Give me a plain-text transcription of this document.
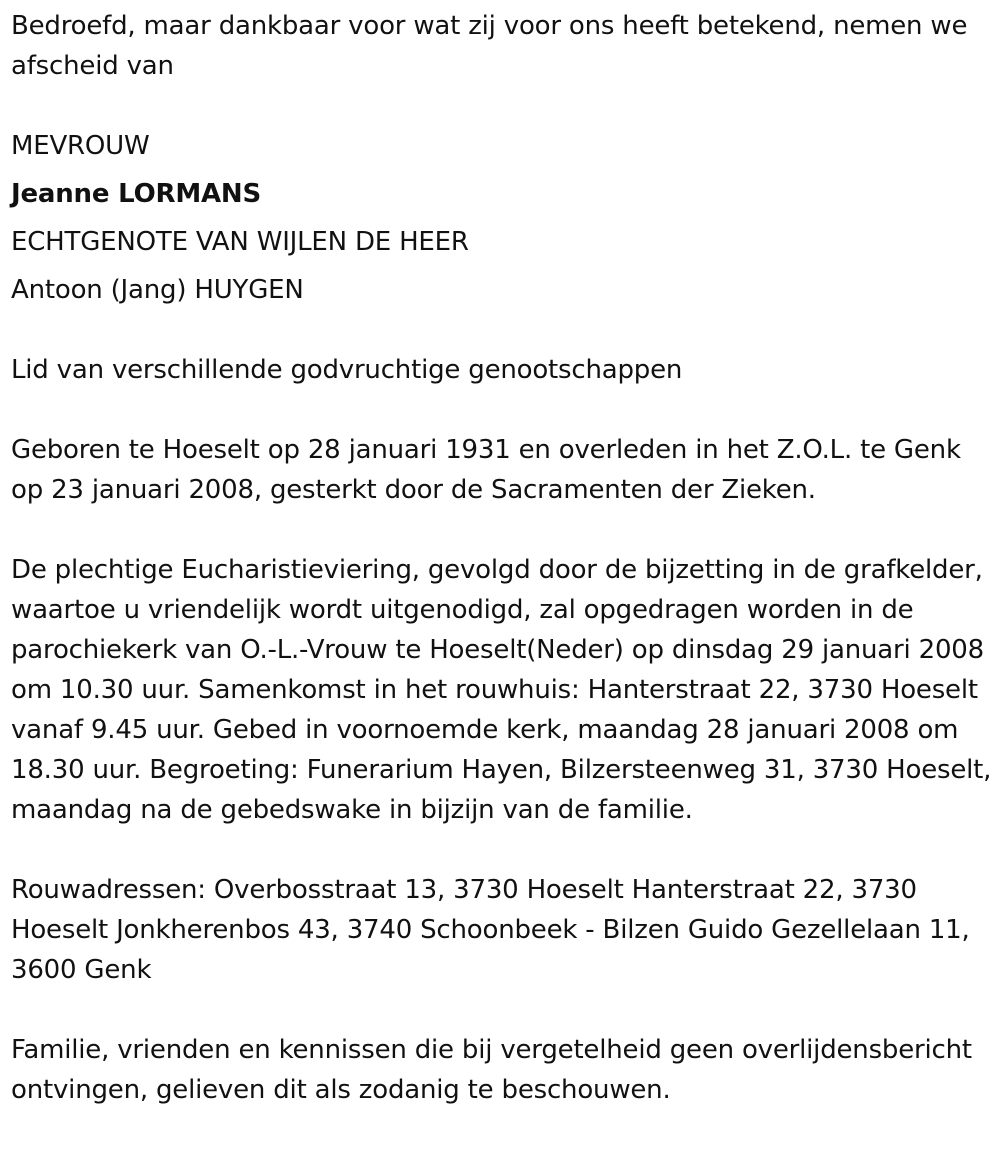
Bedroefd, maar dankbaar voor wat zij voor ons heeft betekend, nemen we afscheid van

MEVROUW

Jeanne LORMANS

ECHTGENOTE VAN WIJLEN DE HEER

Antoon (Jang) HUYGEN

Lid van verschillende godvruchtige genootschappen

Geboren te Hoeselt op 28 januari 1931 en overleden in het Z.O.L. te Genk op 23 januari 2008, gesterkt door de Sacramenten der Zieken.

De plechtige Eucharistieviering, gevolgd door de bijzetting in de grafkelder, waartoe u vriendelijk wordt uitgenodigd, zal opgedragen worden in de parochiekerk van O.-L.-Vrouw te Hoeselt(Neder) op dinsdag 29 januari 2008 om 10.30 uur. Samenkomst in het rouwhuis: Hanterstraat 22, 3730 Hoeselt vanaf 9.45 uur. Gebed in voornoemde kerk, maandag 28 januari 2008 om 18.30 uur. Begroeting: Funerarium Hayen, Bilzersteenweg 31, 3730 Hoeselt, maandag na de gebedswake in bijzijn van de familie.

Rouwadressen: Overbosstraat 13, 3730 Hoeselt Hanterstraat 22, 3730 Hoeselt Jonkherenbos 43, 3740 Schoonbeek - Bilzen Guido Gezellelaan 11, 3600 Genk

Familie, vrienden en kennissen die bij vergetelheid geen overlijdensbericht ontvingen, gelieven dit als zodanig te beschouwen.
